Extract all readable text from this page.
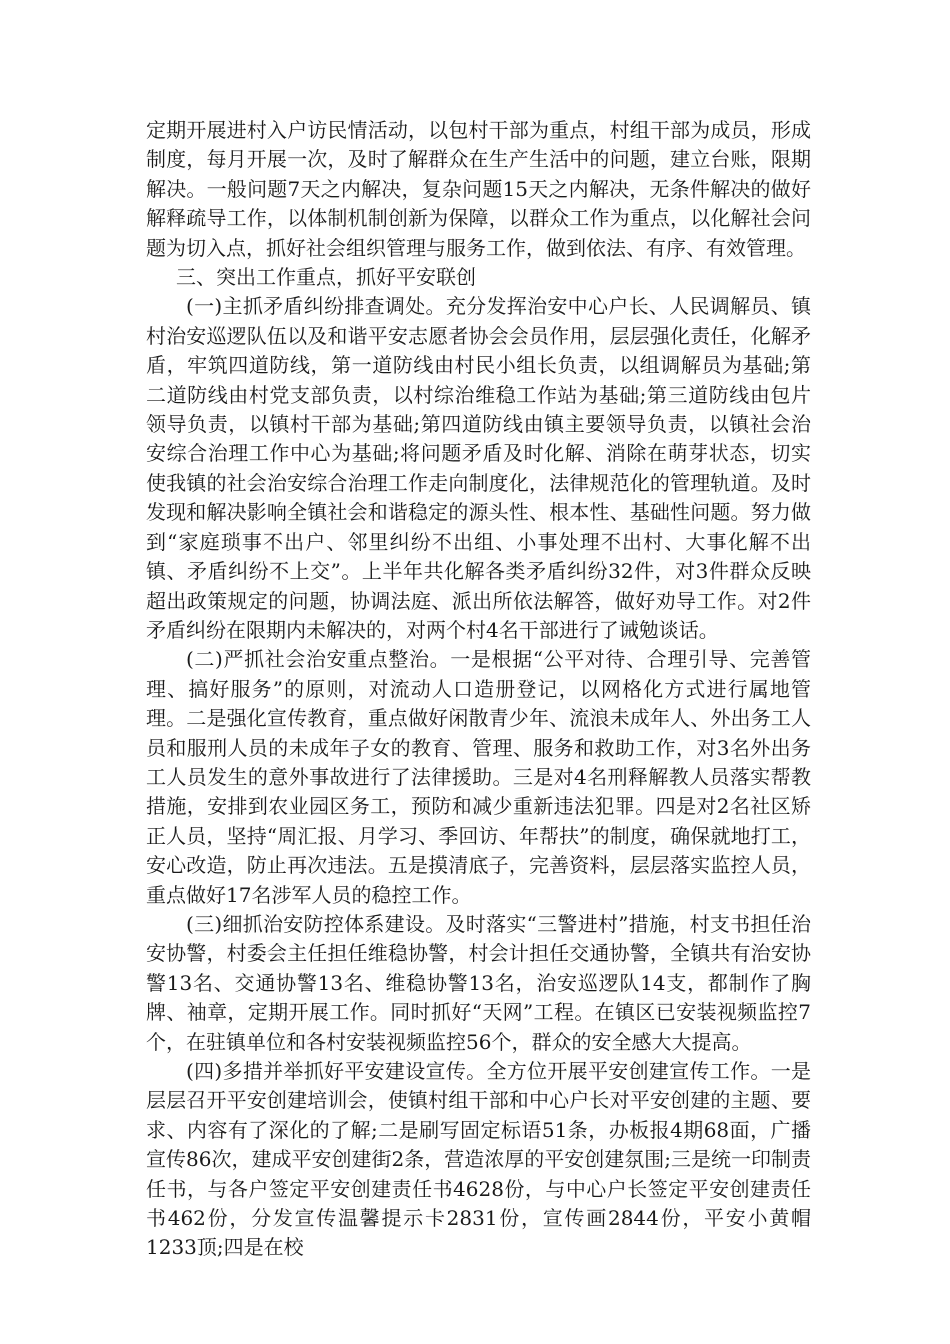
定期开展进村入户访民情活动，以包村干部为重点，村组干部为成员，形成制度，每月开展一次，及时了解群众在生产生活中的问题，建立台账，限期解决。一般问题7天之内解决，复杂问题15天之内解决，无条件解决的做好解释疏导工作，以体制机制创新为保障，以群众工作为重点，以化解社会问题为切入点，抓好社会组织管理与服务工作，做到依法、有序、有效管理。

三、突出工作重点，抓好平安联创

(一)主抓矛盾纠纷排查调处。充分发挥治安中心户长、人民调解员、镇村治安巡逻队伍以及和谐平安志愿者协会会员作用，层层强化责任，化解矛盾，牢筑四道防线，第一道防线由村民小组长负责，以组调解员为基础;第二道防线由村党支部负责，以村综治维稳工作站为基础;第三道防线由包片领导负责，以镇村干部为基础;第四道防线由镇主要领导负责，以镇社会治安综合治理工作中心为基础;将问题矛盾及时化解、消除在萌芽状态，切实使我镇的社会治安综合治理工作走向制度化，法律规范化的管理轨道。及时发现和解决影响全镇社会和谐稳定的源头性、根本性、基础性问题。努力做到“家庭琐事不出户、邻里纠纷不出组、小事处理不出村、大事化解不出镇、矛盾纠纷不上交”。上半年共化解各类矛盾纠纷32件，对3件群众反映超出政策规定的问题，协调法庭、派出所依法解答，做好劝导工作。对2件矛盾纠纷在限期内未解决的，对两个村4名干部进行了诫勉谈话。

(二)严抓社会治安重点整治。一是根据“公平对待、合理引导、完善管理、搞好服务”的原则，对流动人口造册登记，以网格化方式进行属地管理。二是强化宣传教育，重点做好闲散青少年、流浪未成年人、外出务工人员和服刑人员的未成年子女的教育、管理、服务和救助工作，对3名外出务工人员发生的意外事故进行了法律援助。三是对4名刑释解教人员落实帮教措施，安排到农业园区务工，预防和减少重新违法犯罪。四是对2名社区矫正人员，坚持“周汇报、月学习、季回访、年帮扶”的制度，确保就地打工，安心改造，防止再次违法。五是摸清底子，完善资料，层层落实监控人员，重点做好17名涉军人员的稳控工作。

(三)细抓治安防控体系建设。及时落实“三警进村”措施，村支书担任治安协警，村委会主任担任维稳协警，村会计担任交通协警，全镇共有治安协警13名、交通协警13名、维稳协警13名，治安巡逻队14支，都制作了胸牌、袖章，定期开展工作。同时抓好“天网”工程。在镇区已安装视频监控7个，在驻镇单位和各村安装视频监控56个，群众的安全感大大提高。

(四)多措并举抓好平安建设宣传。全方位开展平安创建宣传工作。一是层层召开平安创建培训会，使镇村组干部和中心户长对平安创建的主题、要求、内容有了深化的了解;二是刷写固定标语51条，办板报4期68面，广播宣传86次，建成平安创建街2条，营造浓厚的平安创建氛围;三是统一印制责任书，与各户签定平安创建责任书4628份，与中心户长签定平安创建责任书462份，分发宣传温馨提示卡2831份，宣传画2844份，平安小黄帽1233顶;四是在校
